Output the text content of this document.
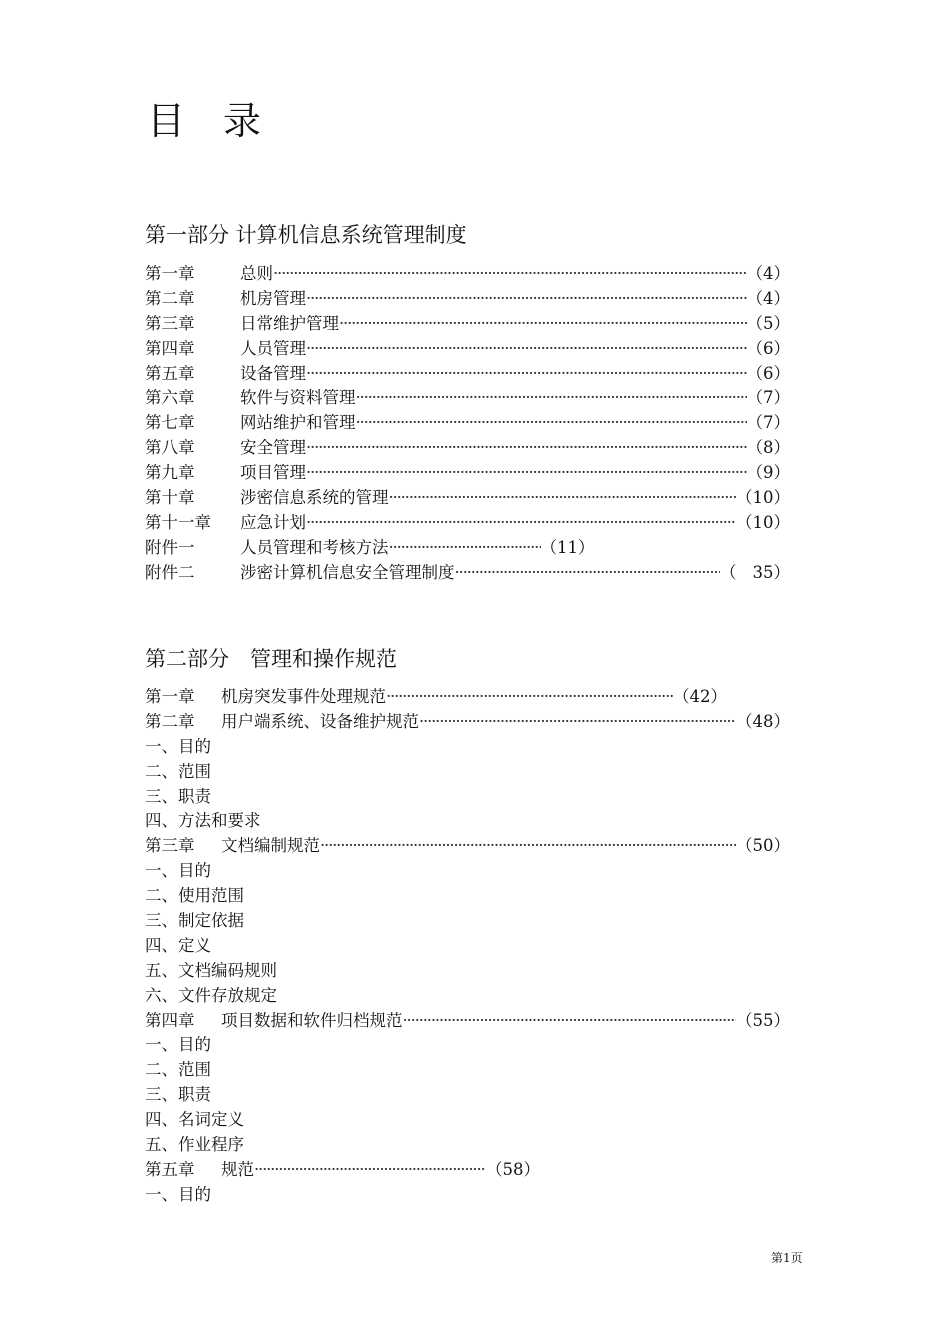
目 录
第一部分 计算机信息系统管理制度
第一章	总则 ·····	（4）
第二章	机房管理 ·····	（4）
第三章	日常维护管理 ·····	（5）
第四章	人员管理 ·····	（6）
第五章	设备管理 ·····	（6）
第六章	软件与资料管理 ·····	（7）
第七章	网站维护和管理 ·····	（7）
第八章	安全管理 ·····	（8）
第九章	项目管理 ·····	（9）
第十章	涉密信息系统的管理 ·····	（10）
第十一章	应急计划 ·····	（10）
附件一	人员管理和考核方法 ·····	（11）
附件二	涉密计算机信息安全管理制度 ·····	（ 35）
第二部分　管理和操作规范
第一章	机房突发事件处理规范 ·····	（42）
第二章	用户端系统、设备维护规范 ·····	（48）
一、目的
二、范围
三、职责
四、方法和要求
第三章	文档编制规范 ·····	（50）
一、目的
二、使用范围
三、制定依据
四、定义
五、文档编码规则
六、文件存放规定
第四章	项目数据和软件归档规范 ·····	（55）
一、目的
二、范围
三、职责
四、名词定义
五、作业程序
第五章	规范 ·····	（58）
一、目的
第1页
